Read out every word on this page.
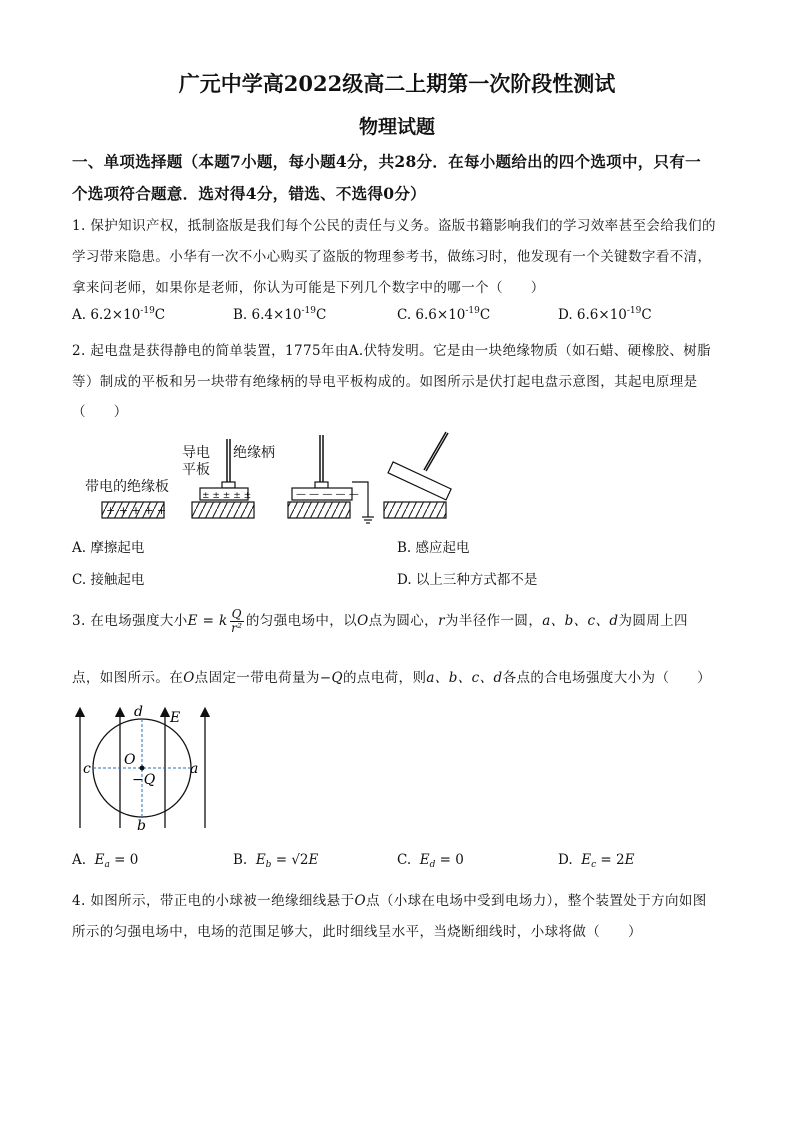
广元中学高2022级高二上期第一次阶段性测试
物理试题
一、单项选择题（本题7小题，每小题4分，共28分．在每小题给出的四个选项中，只有一
个选项符合题意．选对得4分，错选、不选得0分）
1. 保护知识产权，抵制盗版是我们每个公民的责任与义务。盗版书籍影响我们的学习效率甚至会给我们的
学习带来隐患。小华有一次不小心购买了盗版的物理参考书，做练习时，他发现有一个关键数字看不清，
拿来问老师，如果你是老师，你认为可能是下列几个数字中的哪一个（　　）
A. $6.2\times 10^{-19}C$	B. $6.4\times 10^{-19}C$	C. $6.6\times 10^{-19}C$	D. $6.6\times 10^{-19}C$
2. 起电盘是获得静电的简单装置，1775年由A.伏特发明。它是由一块绝缘物质（如石蜡、硬橡胶、树脂
等）制成的平板和另一块带有绝缘柄的导电平板构成的。如图所示是伏打起电盘示意图，其起电原理是
（　　）
带电的绝缘板
+ + + + +
导电
平板
绝缘柄
± ± ± ± ±	— — — — —
A. 摩擦起电	B. 感应起电
C. 接触起电	D. 以上三种方式都不是
3. 在电场强度大小E = k $\frac{Q}{\text{r²}}$ 的匀强电场中，以O点为圆心，r为半径作一圆，a、b、c、d为圆周上四
点，如图所示。在O点固定一带电荷量为−Q的点电荷，则a、b、c、d各点的合电场强度大小为（　　）
d E
O
−Q
c	a
b
A. $E_a = 0$	B. $E_b = √2E$	C. $E_d = 0$	D. $E_c = 2E$
4. 如图所示，带正电的小球被一绝缘细线悬于O点（小球在电场中受到电场力），整个装置处于方向如图
所示的匀强电场中，电场的范围足够大，此时细线呈水平，当烧断细线时，小球将做（　　）
